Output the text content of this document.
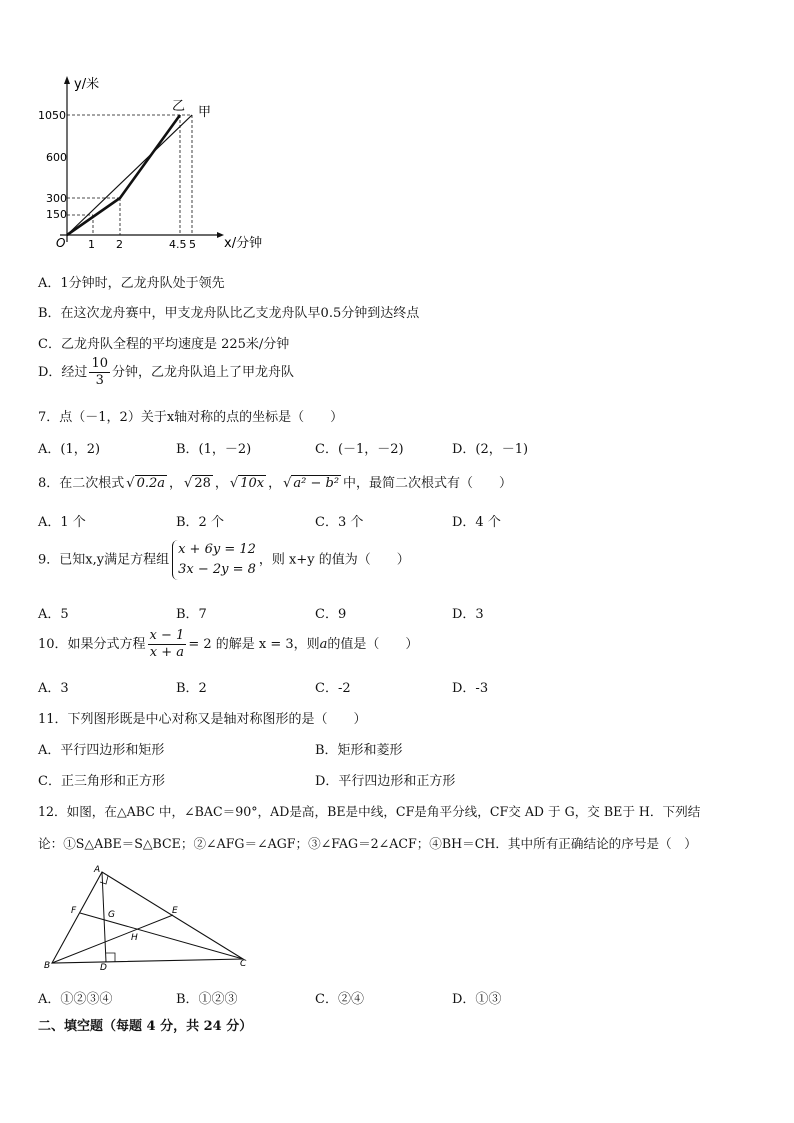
y/米
x/分钟
O
1050
600
300
150
1 2	4.5 5
乙 甲
A．1分钟时，乙龙舟队处于领先
B．在这次龙舟赛中，甲支龙舟队比乙支龙舟队早0.5分钟到达终点
C．乙龙舟队全程的平均速度是 225米/分钟
D．经过 $\frac{10}{3}$ 分钟，乙龙舟队追上了甲龙舟队
7．点（－1，2）关于x轴对称的点的坐标是（　　）
A．(1，2)	B．(1，－2)	C．(－1，－2)	D．(2，－1)
8．在二次根式 √ 0.2a ， √ 28 ， √ 10x ， √ a² − b² 中，最简二次根式有（　　）
A．1 个	B．2 个	C．3 个	D．4 个
9．已知x,y满足方程组
x + 6y = 12
3x − 2y = 8
，则 x+y 的值为（　　）
A．5	B．7	C．9	D．3
10．如果分式方程 $\frac{x - 1}{x + a} = 2$ 的解是 x = 3，则a的值是（　　）
A．3	B．2	C．-2	D．-3
11．下列图形既是中心对称又是轴对称图形的是（　　）
A．平行四边形和矩形	B．矩形和菱形
C．正三角形和正方形	D．平行四边形和正方形
12．如图，在△ABC 中，∠BAC＝90°，AD是高，BE是中线，CF是角平分线，CF交 AD 于 G，交 BE于 H．下列结
论：①S△ABE＝S△BCE；②∠AFG＝∠AGF；③∠FAG＝2∠ACF；④BH＝CH．其中所有正确结论的序号是（　）
A
B	C
D
E
F	G
H
A．①②③④	B．①②③	C．②④	D．①③
二、填空题（每题 4 分，共 24 分）
